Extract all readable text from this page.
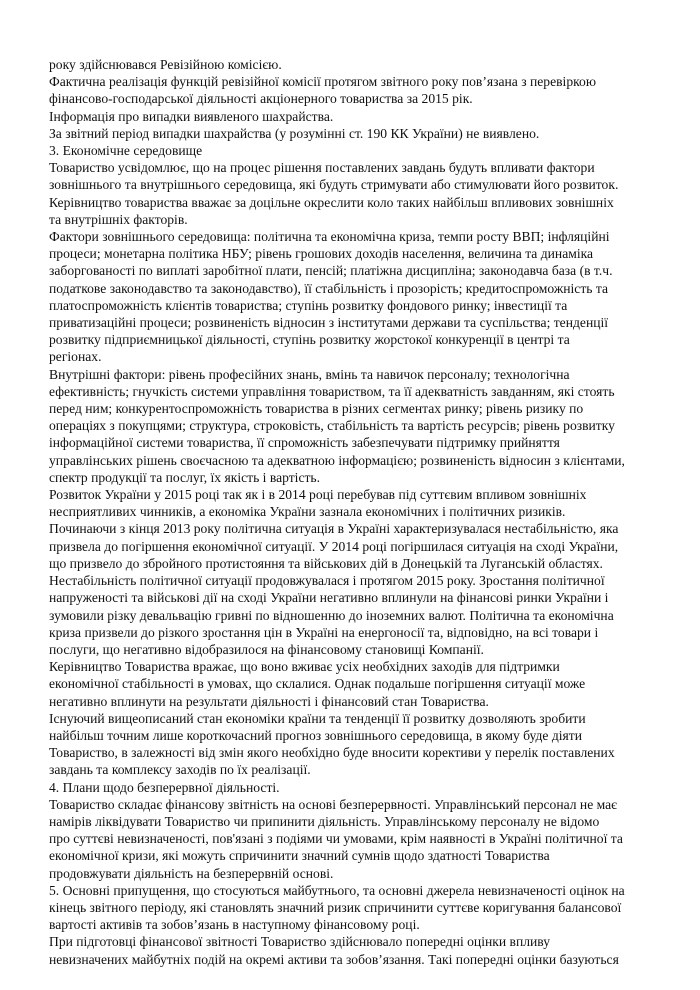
року здійснювався Ревізійною комісією.
Фактична реалізація функцій ревізійної комісії протягом звітного року пов’язана з перевіркою
фінансово-господарської діяльності акціонерного товариства за 2015 рік.
Інформація про випадки виявленого шахрайства.
За звітний період випадки шахрайства (у розумінні ст. 190 КК України) не виявлено.
3. Економічне середовище
Товариство усвідомлює, що на процес рішення поставлених завдань будуть впливати фактори
зовнішнього та внутрішнього середовища, які будуть стримувати або стимулювати його розвиток.
Керівництво товариства вважає за доцільне окреслити коло таких найбільш впливових зовнішніх
та внутрішніх факторів.
Фактори зовнішнього середовища: політична та економічна криза, темпи росту ВВП; інфляційні
процеси; монетарна політика НБУ; рівень грошових доходів населення, величина та динаміка
заборгованості по виплаті заробітної плати, пенсій; платіжна дисципліна; законодавча база (в т.ч.
податкове законодавство та законодавство), її стабільність і прозорість; кредитоспроможність та
платоспроможність клієнтів товариства; ступінь розвитку фондового ринку; інвестиції та
приватизаційні процеси; розвиненість відносин з інститутами держави та суспільства; тенденції
розвитку підприємницької діяльності, ступінь розвитку жорстокої конкуренції в центрі та
регіонах.
Внутрішні фактори: рівень професійних знань, вмінь та навичок персоналу; технологічна
ефективність; гнучкість системи управління товариством, та її адекватність завданням, які стоять
перед ним; конкурентоспроможність товариства в різних сегментах ринку; рівень ризику по
операціях з покупцями; структура, строковість, стабільність та вартість ресурсів; рівень розвитку
інформаційної системи товариства, її спроможність забезпечувати підтримку прийняття
управлінських рішень своєчасною та адекватною інформацією; розвиненість відносин з клієнтами,
спектр продукції та послуг, їх якість і вартість.
Розвиток України у 2015 році так як і в 2014 році перебував під суттєвим впливом зовнішніх
несприятливих чинників, а економіка України зазнала економічних і політичних ризиків.
Починаючи з кінця 2013 року політична ситуація в Україні характеризувалася нестабільністю, яка
призвела до погіршення економічної ситуації. У 2014 році погіршилася ситуація на сході України,
що призвело до збройного протистояння та військових дій в Донецькій та Луганській областях.
Нестабільність політичної ситуації продовжувалася і протягом 2015 року. Зростання політичної
напруженості та військові дії на сході України негативно вплинули на фінансові ринки України і
зумовили різку девальвацію гривні по відношенню до іноземних валют. Політична та економічна
криза призвели до різкого зростання цін в Україні на енергоносії та, відповідно, на всі товари і
послуги, що негативно відобразилося на фінансовому становищі Компанії.
Керівництво Товариства вражає, що воно вживає усіх необхідних заходів для підтримки
економічної стабільності в умовах, що склалися. Однак подальше погіршення ситуації може
негативно вплинути на результати діяльності і фінансовий стан Товариства.
Існуючий вищеописаний стан економіки країни та тенденції її розвитку дозволяють зробити
найбільш точним лише короткочасний прогноз зовнішнього середовища, в якому буде діяти
Товариство, в залежності від змін якого необхідно буде вносити корективи у перелік поставлених
завдань та комплексу заходів по їх реалізації.
4. Плани щодо безперервної діяльності.
Товариство складає фінансову звітність на основі безперервності. Управлінський персонал не має
намірів ліквідувати Товариство чи припинити діяльність. Управлінському персоналу не відомо
про суттєві невизначеності, пов'язані з подіями чи умовами, крім наявності в Україні політичної та
економічної кризи, які можуть спричинити значний сумнів щодо здатності Товариства
продовжувати діяльність на безперервній основі.
5. Основні припущення, що стосуються майбутнього, та основні джерела невизначеності оцінок на
кінець звітного періоду, які становлять значний ризик спричинити суттєве коригування балансової
вартості активів та зобов’язань в наступному фінансовому році.
При підготовці фінансової звітності Товариство здійснювало попередні оцінки впливу
невизначених майбутніх подій на окремі активи та зобов’язання. Такі попередні оцінки базуються
